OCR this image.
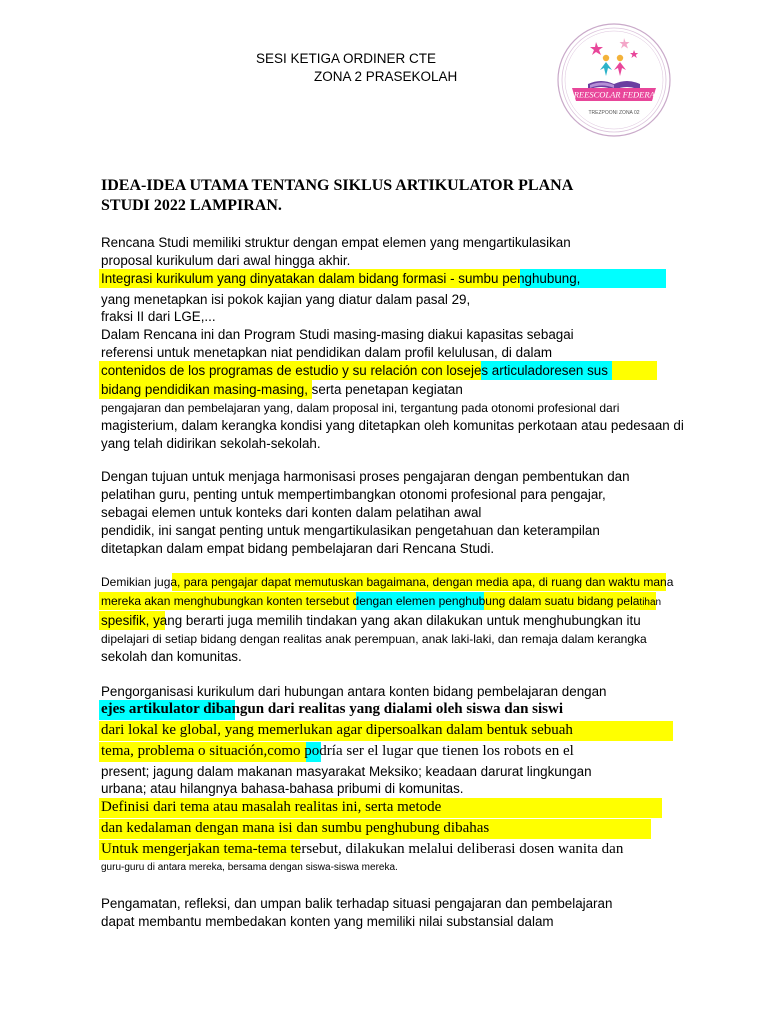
SESI KETIGA ORDINER CTE
ZONA 2 PRASEKOLAH
PREESCOLAR FEDERAL
TREZPOONI ZONA 02
IDEA-IDEA UTAMA TENTANG SIKLUS ARTIKULATOR PLANA
STUDI 2022 LAMPIRAN.
Rencana Studi memiliki struktur dengan empat elemen yang mengartikulasikan
proposal kurikulum dari awal hingga akhir.
Integrasi kurikulum yang dinyatakan dalam bidang formasi - sumbu penghubung,
yang menetapkan isi pokok kajian yang diatur dalam pasal 29,
fraksi II dari LGE,...
Dalam Rencana ini dan Program Studi masing-masing diakui kapasitas sebagai
referensi untuk menetapkan niat pendidikan dalam profil kelulusan, di dalam
contenidos de los programas de estudio y su relación con losejes articuladoresen sus
bidang pendidikan masing-masing, serta penetapan kegiatan
pengajaran dan pembelajaran yang, dalam proposal ini, tergantung pada otonomi profesional dari
magisterium, dalam kerangka kondisi yang ditetapkan oleh komunitas perkotaan atau pedesaan di
yang telah didirikan sekolah-sekolah.
Dengan tujuan untuk menjaga harmonisasi proses pengajaran dengan pembentukan dan
pelatihan guru, penting untuk mempertimbangkan otonomi profesional para pengajar,
sebagai elemen untuk konteks dari konten dalam pelatihan awal
pendidik, ini sangat penting untuk mengartikulasikan pengetahuan dan keterampilan
ditetapkan dalam empat bidang pembelajaran dari Rencana Studi.
Demikian juga, para pengajar dapat memutuskan bagaimana, dengan media apa, di ruang dan waktu mana
mereka akan menghubungkan konten tersebut dengan elemen penghubung dalam suatu bidang pelatihan
spesifik, yang berarti juga memilih tindakan yang akan dilakukan untuk menghubungkan itu
dipelajari di setiap bidang dengan realitas anak perempuan, anak laki-laki, dan remaja dalam kerangka
sekolah dan komunitas.
Pengorganisasi kurikulum dari hubungan antara konten bidang pembelajaran dengan
ejes artikulator dibangun dari realitas yang dialami oleh siswa dan siswi
dari lokal ke global, yang memerlukan agar dipersoalkan dalam bentuk sebuah
tema, problema o situación,como podría ser el lugar que tienen los robots en el
present; jagung dalam makanan masyarakat Meksiko; keadaan darurat lingkungan
urbana; atau hilangnya bahasa-bahasa pribumi di komunitas.
Definisi dari tema atau masalah realitas ini, serta metode
dan kedalaman dengan mana isi dan sumbu penghubung dibahas
Untuk mengerjakan tema-tema tersebut, dilakukan melalui deliberasi dosen wanita dan
guru-guru di antara mereka, bersama dengan siswa-siswa mereka.
Pengamatan, refleksi, dan umpan balik terhadap situasi pengajaran dan pembelajaran
dapat membantu membedakan konten yang memiliki nilai substansial dalam
